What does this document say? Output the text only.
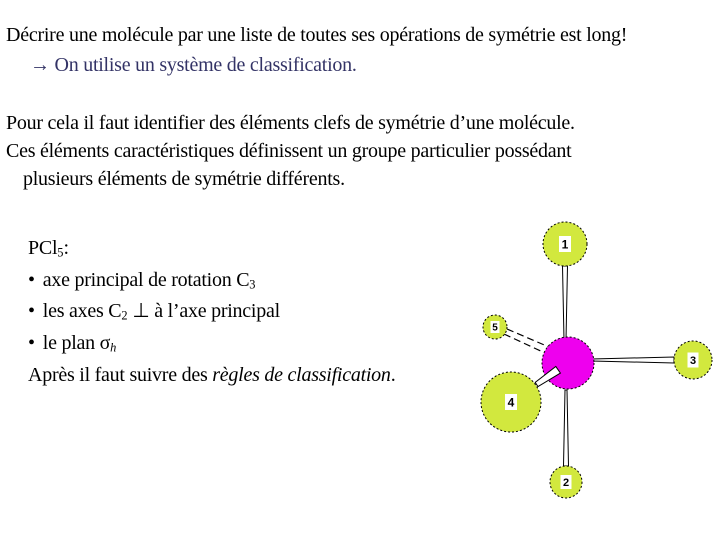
Décrire une molécule par une liste de toutes ses opérations de symétrie est long!
→ On utilise un système de classification.
Pour cela il faut identifier des éléments clefs de symétrie d’une molécule.
Ces éléments caractéristiques définissent un groupe particulier possédant
plusieurs éléments de symétrie différents.
PCl$_5$:
• axe principal de rotation $C_3$
• les axes $C_2$ ⊥ à l’axe principal
• le plan $\sigma_h$
Après il faut suivre des règles de classification.
1
2
3
4
5
